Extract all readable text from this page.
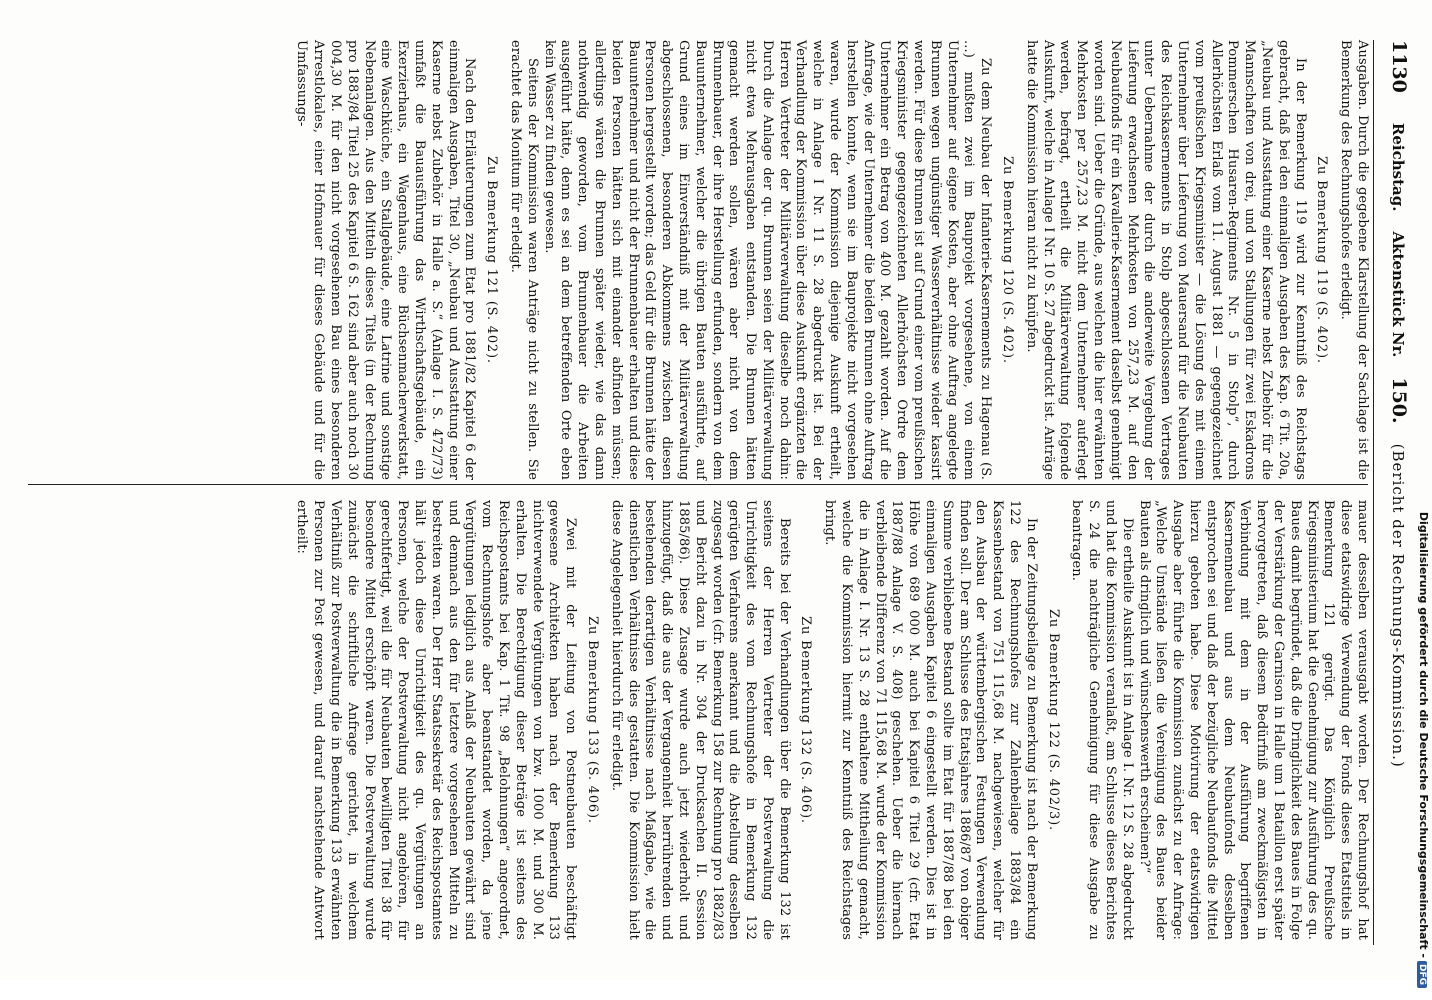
1130
Reichstag.
Aktenstück Nr.
150.
(Bericht der Rechnungs-Kommission.)

Ausgaben. Durch die gegebene Klarstellung der Sachlage ist die Bemerkung des Rechnungshofes erledigt.

Zu Bemerkung 119 (S. 402).

In der Bemerkung 119 wird zur Kenntniß des Reichstags gebracht, daß bei den einmaligen Ausgaben des Kap. 6 Tit. 20a, „Neubau und Ausstattung einer Kaserne nebst Zubehör für die Mannschaften von drei, und von Stallungen für zwei Eskadrons Pommerschen Husaren-Regiments Nr. 5 in Stolp“, durch Allerhöchsten Erlaß vom 11. August 1881 — gegengezeichnet vom preußischen Kriegsminister — die Lösung des mit einem Unternehmer über Lieferung von Mauersand für die Neubauten des Reichskasernements in Stolp abgeschlossenen Vertrages unter Uebernahme der durch die anderweite Vergebung der Lieferung erwachsenen Mehrkosten von 257,23 M. auf den Neubaufonds für ein Kavallerie-Kasernement daselbst genehmigt worden sind. Ueber die Gründe, aus welchen die hier erwähnten Mehrkosten per 257,23 M. nicht dem Unternehmer auferlegt werden, befragt, ertheilt die Militärverwaltung folgende Auskunft, welche in Anlage I Nr. 10 S. 27 abgedruckt ist. Anträge hatte die Kommission hieran nicht zu knüpfen.

Zu Bemerkung 120 (S. 402).

Zu dem Neubau der Infanterie-Kasernements zu Hagenau (S. ...) mußten zwei im Bauprojekt vorgesehene, von einem Unternehmer auf eigene Kosten, aber ohne Auftrag angelegte Brunnen wegen ungünstiger Wasserverhältnisse wieder kassirt werden. Für diese Brunnen ist auf Grund einer vom preußischen Kriegsminister gegengezeichneten Allerhöchsten Ordre dem Unternehmer ein Betrag von 400 M. gezahlt worden. Auf die Anfrage, wie der Unternehmer die beiden Brunnen ohne Auftrag herstellen konnte, wenn sie im Bauprojekte nicht vorgesehen waren, wurde der Kommission diejenige Auskunft ertheilt, welche in Anlage I Nr. 11 S. 28 abgedruckt ist. Bei der Verhandlung der Kommission über diese Auskunft ergänzten die Herren Vertreter der Militärverwaltung dieselbe noch dahin: Durch die Anlage der qu. Brunnen seien der Militärverwaltung nicht etwa Mehrausgaben entstanden. Die Brunnen hätten gemacht werden sollen, wären aber nicht von dem Brunnenbauer, der ihre Herstellung erfunden, sondern von dem Bauunternehmer, welcher die übrigen Bauten ausführte, auf Grund eines im Einverständniß mit der Militärverwaltung abgeschlossenen, besonderen Abkommens zwischen diesen Personen hergestellt worden; das Geld für die Brunnen hätte der Bauunternehmer und nicht der Brunnenbauer erhalten und diese beiden Personen hätten sich mit einander abfinden müssen; allerdings wären die Brunnen später wieder, wie das dann nothwendig geworden, vom Brunnenbauer die Arbeiten ausgeführt hätte, denn es sei an dem betreffenden Orte eben kein Wasser zu finden gewesen.

Seitens der Kommission waren Anträge nicht zu stellen. Sie erachtet das Monitum für erledigt.

Zu Bemerkung 121 (S. 402).

Nach den Erläuterungen zum Etat pro 1881/82 Kapitel 6 der einmaligen Ausgaben, Titel 30, „Neubau und Ausstattung einer Kaserne nebst Zubehör in Halle a. S.“ (Anlage I. S. 472/73) umfaßt die Bauausführung das Wirthschaftsgebäude, ein Exerzierhaus, ein Wagenhaus, eine Büchsenmacherwerkstatt, eine Waschküche, ein Stallgebäude, eine Latrine und sonstige Nebenanlagen. Aus den Mitteln dieses Titels (in der Rechnung pro 1883/84 Titel 25 des Kapitel 6 S. 162 sind aber auch noch 30 004,30 M. für den nicht vorgesehenen Bau eines besonderen Arrestlokales, einer Hofmauer für dieses Gebäude und für die Umfassungs-

mauer desselben verausgabt worden. Der Rechnungshof hat diese etatswidrige Verwendung der Fonds dieses Etatstitels in Bemerkung 121 gerügt. Das Königlich Preußische Kriegsministerium hat die Genehmigung zur Ausführung des qu. Baues damit begründet, daß die Dringlichkeit des Baues in Folge der Verstärkung der Garnison in Halle um 1 Bataillon erst später hervorgetreten, daß diesem Bedürfniß am zweckmäßigsten in Verbindung mit dem in der Ausführung begriffenen Kasernenneubau und aus dem Neubaufonds desselben entsprochen sei und daß der bezügliche Neubaufonds die Mittel hierzu geboten habe. Diese Motivirung der etatswidrigen Ausgabe aber führte die Kommission zunächst zu der Anfrage: „Welche Umstände ließen die Vereinigung des Baues beider Bauten als dringlich und wünschenswerth erscheinen?“

Die ertheilte Auskunft ist in Anlage I. Nr. 12 S. 28 abgedruckt und hat die Kommission veranlaßt, am Schlusse dieses Berichtes S. 24 die nachträgliche Genehmigung für diese Ausgabe zu beantragen.

Zu Bemerkung 122 (S. 402/3).

In der Zeitungsbeilage zu Bemerkung ist nach der Bemerkung 122 des Rechnungshofes zur Zahlenbeilage 1883/84 ein Kassenbestand von 751 115,68 M. nachgewiesen, welcher für den Ausbau der württembergischen Festungen Verwendung finden soll. Der am Schlusse des Etatsjahres 1886/87 von obiger Summe verbliebene Bestand sollte im Etat für 1887/88 bei den einmaligen Ausgaben Kapitel 6 eingestellt werden. Dies ist in Höhe von 689 000 M. auch bei Kapitel 6 Titel 29 (cfr. Etat 1887/88 Anlage V. S. 408) geschehen. Ueber die hiernach verbleibende Differenz von 71 115,68 M. wurde der Kommission die in Anlage I. Nr. 13 S. 28 enthaltene Mittheilung gemacht, welche die Kommission hiermit zur Kenntniß des Reichstages bringt.

Zu Bemerkung 132 (S. 406).

Bereits bei der Verhandlungen über die Bemerkung 132 ist seitens der Herren Vertreter der Postverwaltung die Unrichtigkeit des vom Rechnungshofe in Bemerkung 132 gerügten Verfahrens anerkannt und die Abstellung desselben zugesagt worden (cfr. Bemerkung 158 zur Rechnung pro 1882/83 und Bericht dazu in Nr. 304 der Drucksachen II. Session 1885/86). Diese Zusage wurde auch jetzt wiederholt und hinzugefügt, daß die aus der Vergangenheit herrührenden und bestehenden derartigen Verhältnisse nach Maßgabe, wie die dienstlichen Verhältnisse dies gestatten. Die Kommission hielt diese Angelegenheit hierdurch für erledigt.

Zu Bemerkung 133 (S. 406).

Zwei mit der Leitung von Postneubauten beschäftigt gewesene Architekten haben nach der Bemerkung 133 nichtverwendete Vergütungen von bzw. 1000 M. und 300 M. erhalten. Die Berechtigung dieser Beträge ist seitens des Reichspostamts bei Kap. 1 Tit. 98 „Belohnungen“ angeordnet, vom Rechnungshofe aber beanstandet worden, da jene Vergütungen lediglich aus Anlaß der Neubauten gewährt sind und demnach aus den für letztere vorgesehenen Mitteln zu bestreiten waren. Der Herr Staatssekretär des Reichspostamtes hält jedoch diese Unrichtigkeit des qu. Vergütungen an Personen, welche der Postverwaltung nicht angehören, für gerechtfertigt, weil die für Neubauten bewilligten Titel 38 für besondere Mittel erschöpft waren. Die Postverwaltung wurde zunächst die schriftliche Anfrage gerichtet, in welchem Verhältniß zur Postverwaltung die in Bemerkung 133 erwähnten Personen zur Post gewesen, und darauf nachstehende Antwort ertheilt:	Digitalisierung gefördert durch die Deutsche Forschungsgemeinschaft -DFG
